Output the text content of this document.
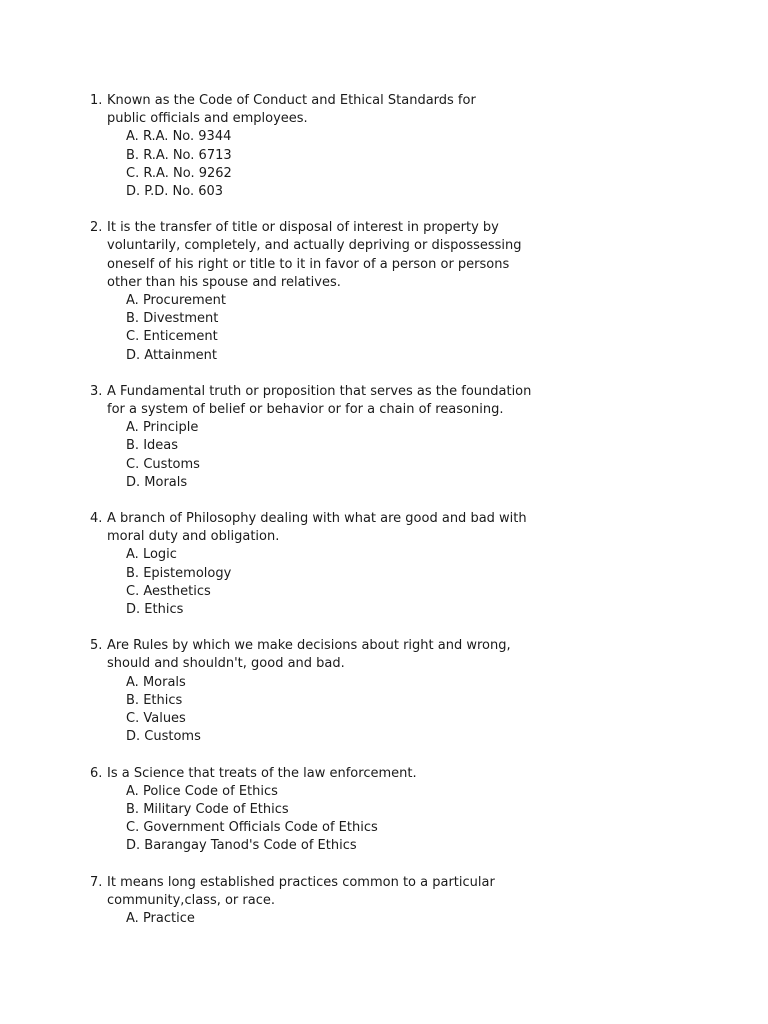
1. Known as the Code of Conduct and Ethical Standards for
public officials and employees.
A. R.A. No. 9344
B. R.A. No. 6713
C. R.A. No. 9262
D. P.D. No. 603
2. It is the transfer of title or disposal of interest in property by
voluntarily, completely, and actually depriving or dispossessing
oneself of his right or title to it in favor of a person or persons
other than his spouse and relatives.
A. Procurement
B. Divestment
C. Enticement
D. Attainment
3. A Fundamental truth or proposition that serves as the foundation
for a system of belief or behavior or for a chain of reasoning.
A. Principle
B. Ideas
C. Customs
D. Morals
4. A branch of Philosophy dealing with what are good and bad with
moral duty and obligation.
A. Logic
B. Epistemology
C. Aesthetics
D. Ethics
5. Are Rules by which we make decisions about right and wrong,
should and shouldn't, good and bad.
A. Morals
B. Ethics
C. Values
D. Customs
6. Is a Science that treats of the law enforcement.
A. Police Code of Ethics
B. Military Code of Ethics
C. Government Officials Code of Ethics
D. Barangay Tanod's Code of Ethics
7. It means long established practices common to a particular
community,class, or race.
A. Practice
